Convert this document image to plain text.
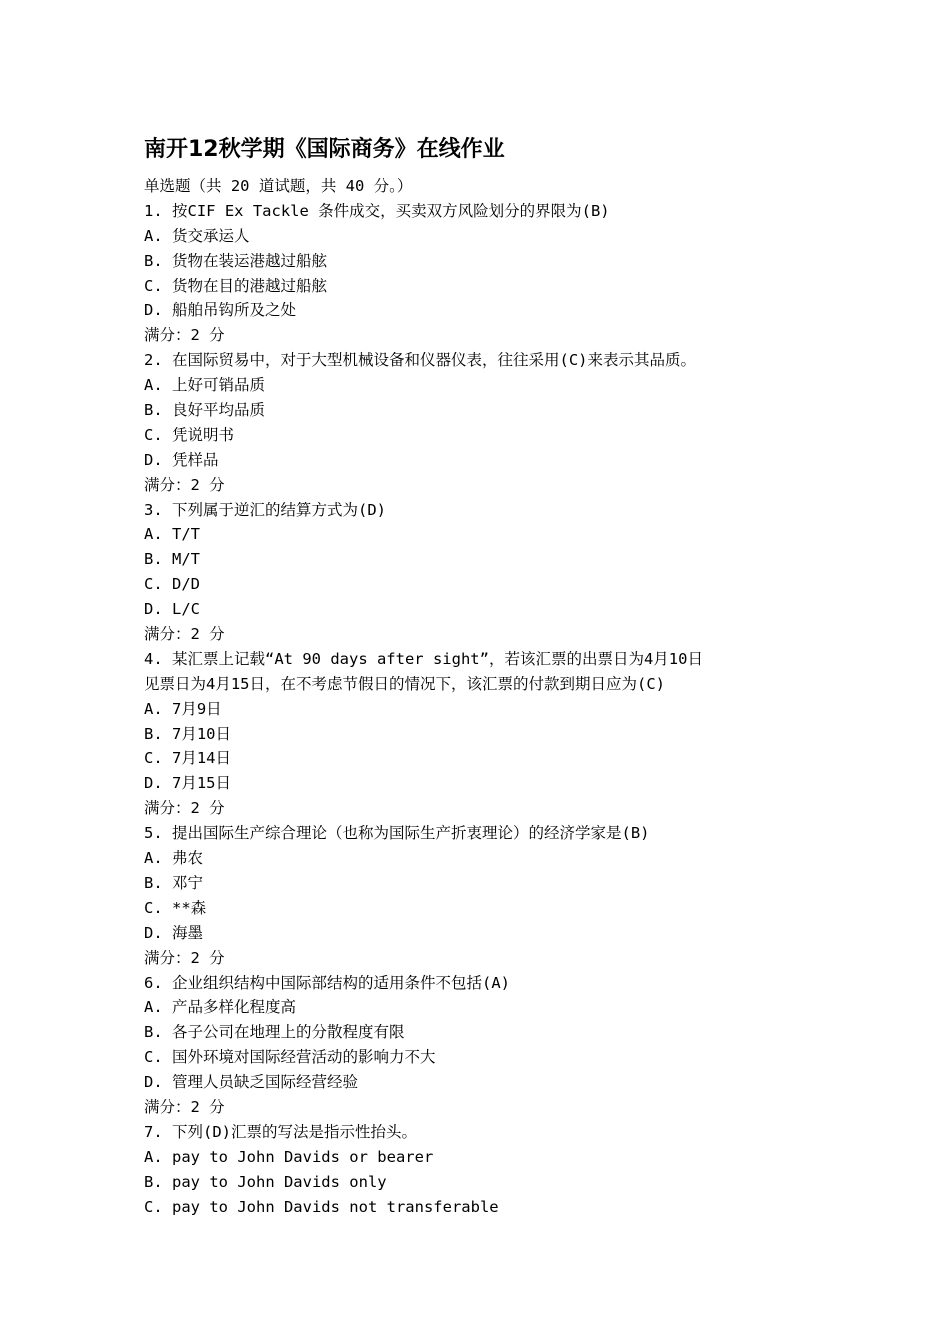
南开12秋学期《国际商务》在线作业
单选题（共 20 道试题，共 40 分。）
1. 按CIF Ex Tackle 条件成交，买卖双方风险划分的界限为(B)
A. 货交承运人
B. 货物在装运港越过船舷
C. 货物在目的港越过船舷
D. 船舶吊钩所及之处
满分：2 分
2. 在国际贸易中，对于大型机械设备和仪器仪表，往往采用(C)来表示其品质。
A. 上好可销品质
B. 良好平均品质
C. 凭说明书
D. 凭样品
满分：2 分
3. 下列属于逆汇的结算方式为(D)
A. T/T
B. M/T
C. D/D
D. L/C
满分：2 分
4. 某汇票上记载“At 90 days after sight”，若该汇票的出票日为4月10日
见票日为4月15日，在不考虑节假日的情况下，该汇票的付款到期日应为(C)
A. 7月9日
B. 7月10日
C. 7月14日
D. 7月15日
满分：2 分
5. 提出国际生产综合理论（也称为国际生产折衷理论）的经济学家是(B)
A. 弗农
B. 邓宁
C. **森
D. 海墨
满分：2 分
6. 企业组织结构中国际部结构的适用条件不包括(A)
A. 产品多样化程度高
B. 各子公司在地理上的分散程度有限
C. 国外环境对国际经营活动的影响力不大
D. 管理人员缺乏国际经营经验
满分：2 分
7. 下列(D)汇票的写法是指示性抬头。
A. pay to John Davids or bearer
B. pay to John Davids only
C. pay to John Davids not transferable
